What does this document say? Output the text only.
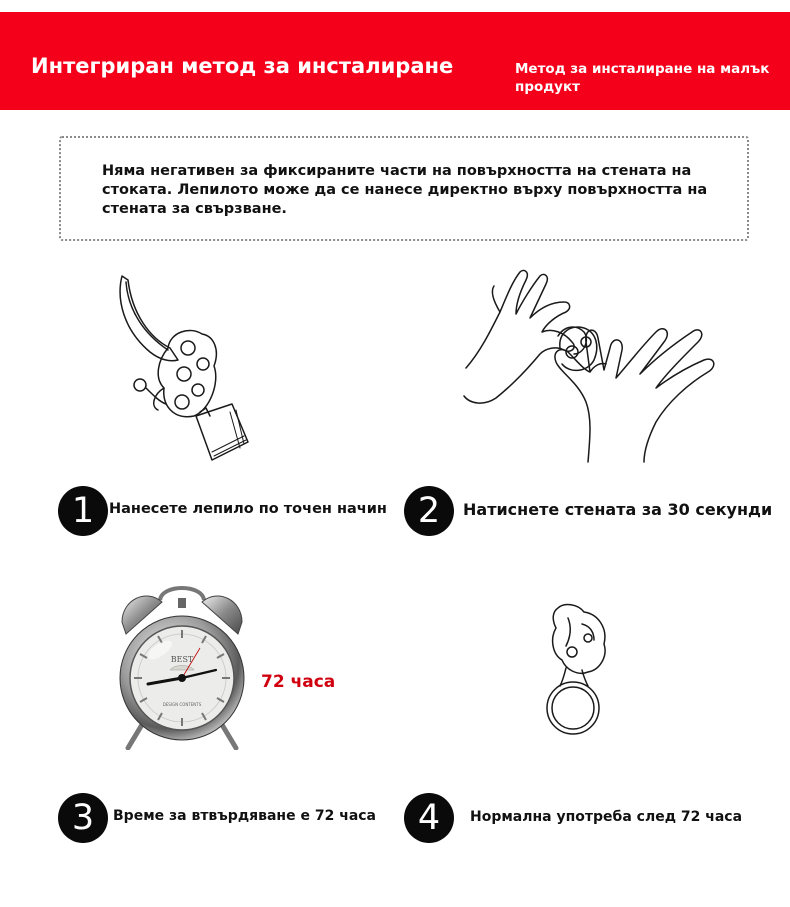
Интегриран метод за инсталиране	Метод за инсталиране на малък продукт
Няма негативен за фиксираните части на повърхността на стената на стоката. Лепилото може да се нанесе директно върху повърхността на стената за свързване.
BEST
DESIGN CONTENTS
72 часа
1	Нанесете лепило по точен начин 2	Натиснете стената за 30 секунди
3	Време за втвърдяване е 72 часа	4	Нормална употреба след 72 часа
